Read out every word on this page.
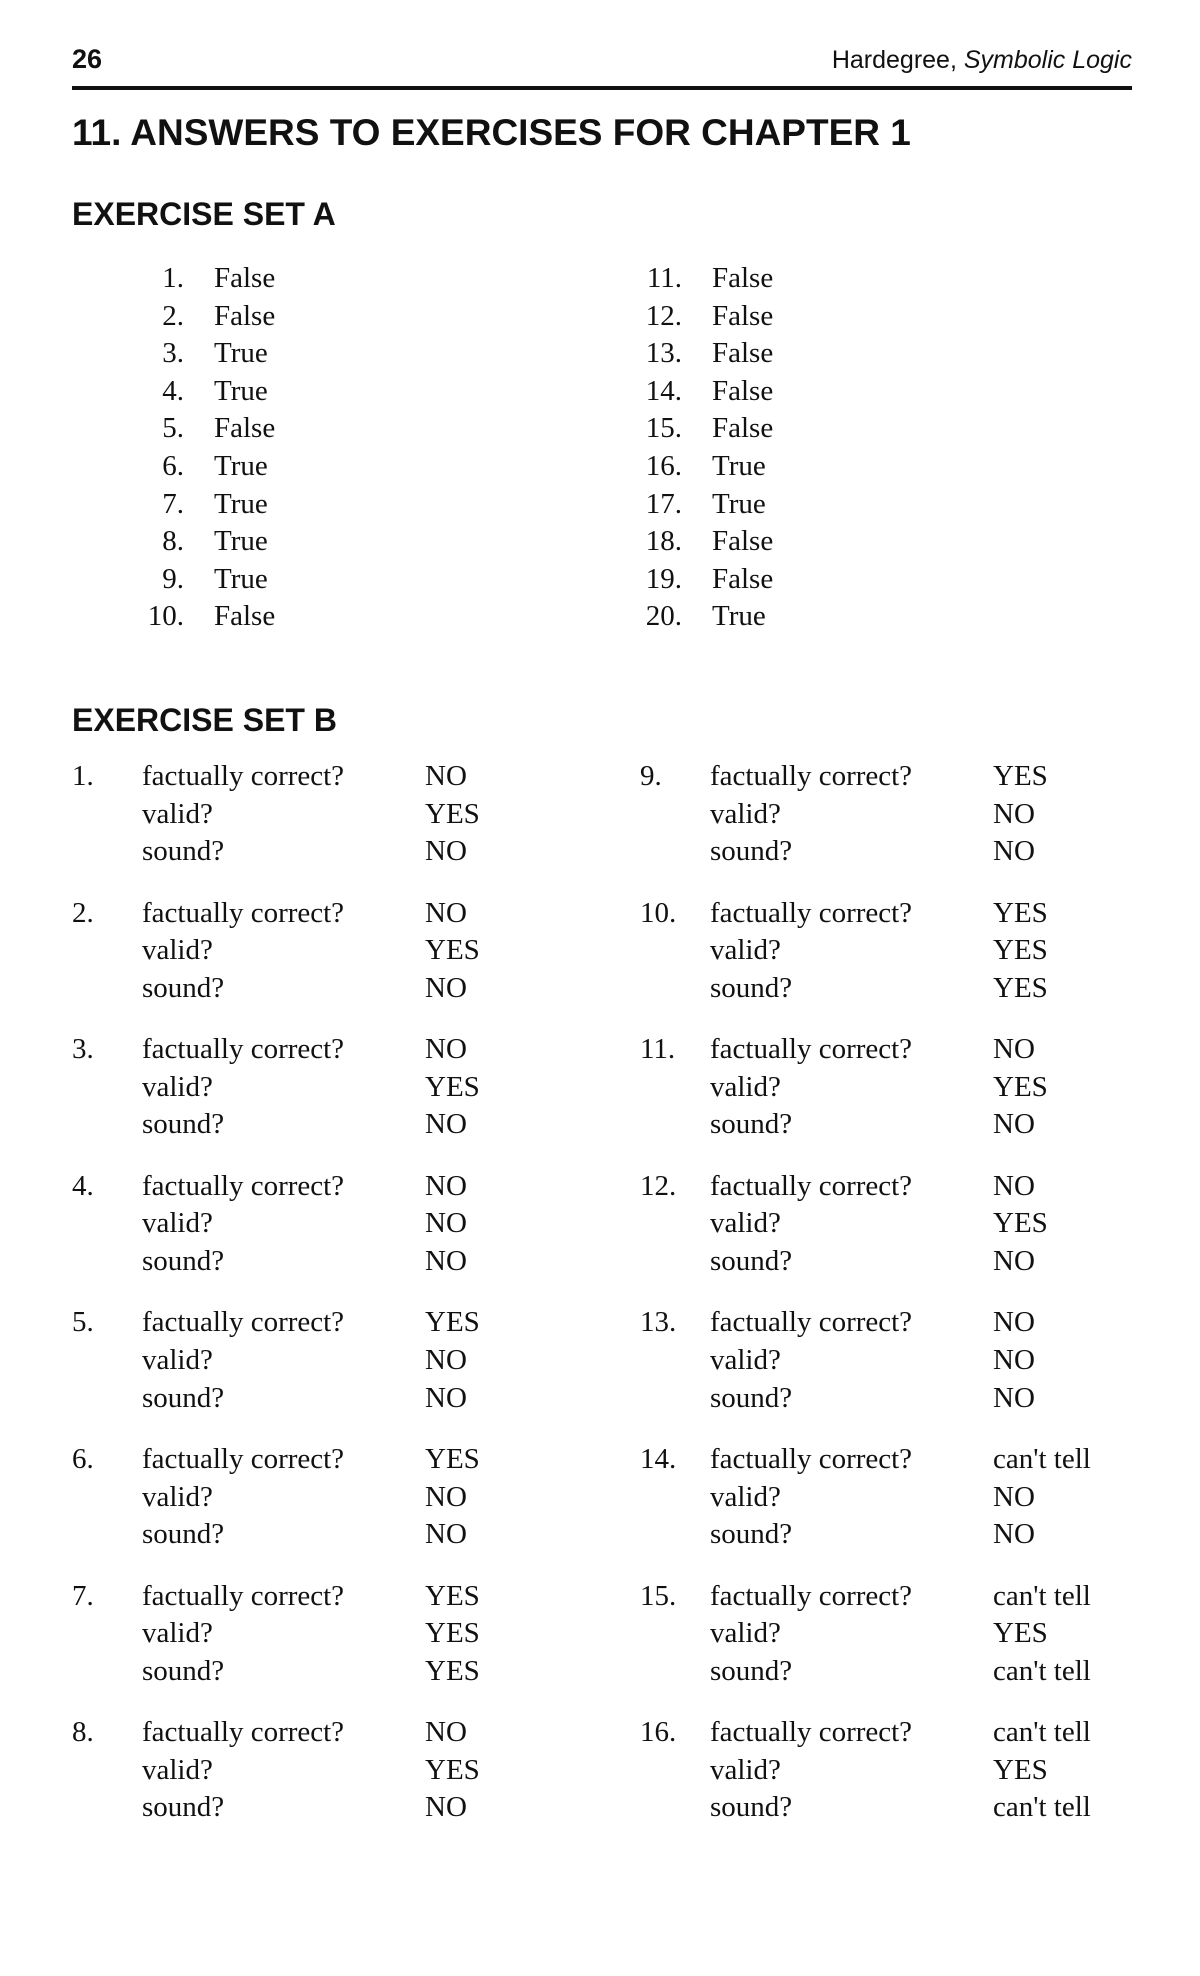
26	Hardegree, Symbolic Logic
11. ANSWERS TO EXERCISES FOR CHAPTER 1
EXERCISE SET A
1. False
2. False
3. True
4. True
5. False
6. True
7. True
8. True
9. True
10. False
11. False
12. False
13. False
14. False
15. False
16. True
17. True
18. False
19. False
20. True
EXERCISE SET B
1. factually correct?	NO
valid?	YES
sound?	NO
2. factually correct?	NO
valid?	YES
sound?	NO
3. factually correct?	NO
valid?	YES
sound?	NO
4. factually correct?	NO
valid?	NO
sound?	NO
5. factually correct?	YES
valid?	NO
sound?	NO
6. factually correct?	YES
valid?	NO
sound?	NO
7. factually correct?	YES
valid?	YES
sound?	YES
8. factually correct?	NO
valid?	YES
sound?	NO
9. factually correct?	YES
valid?	NO
sound?	NO
10. factually correct?	YES
valid?	YES
sound?	YES
11. factually correct?	NO
valid?	YES
sound?	NO
12. factually correct?	NO
valid?	YES
sound?	NO
13. factually correct?	NO
valid?	NO
sound?	NO
14. factually correct?	can't tell
valid?	NO
sound?	NO
15. factually correct?	can't tell
valid?	YES
sound?	can't tell
16. factually correct?	can't tell
valid?	YES
sound?	can't tell
